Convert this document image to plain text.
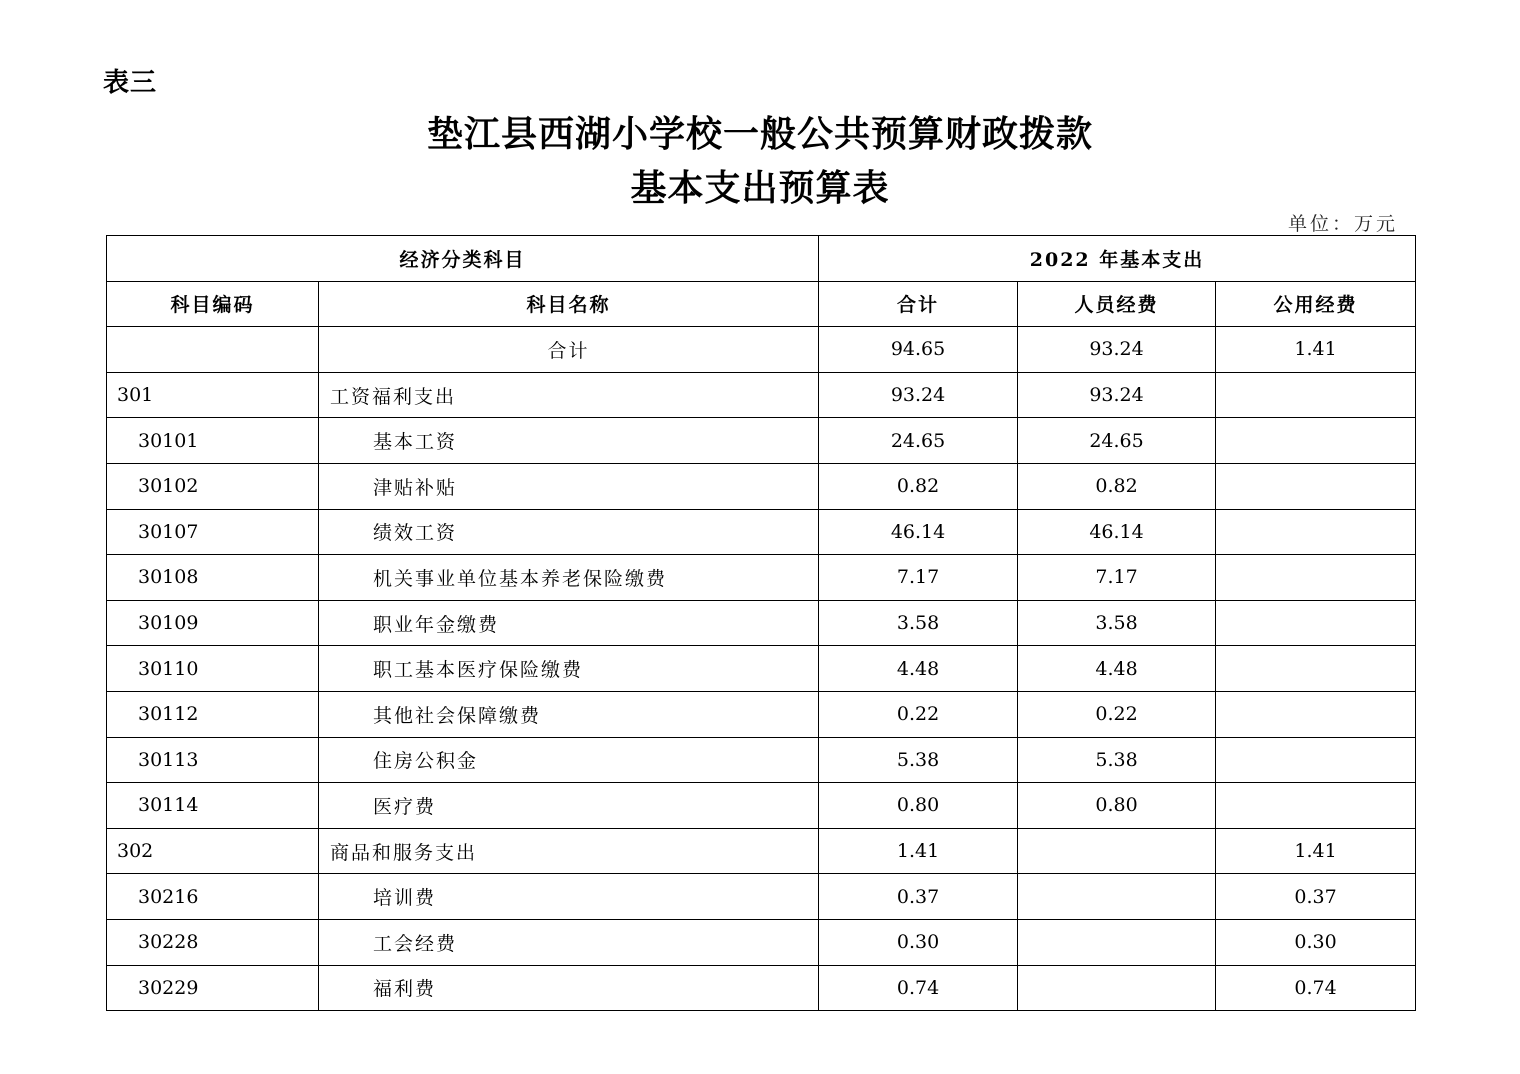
表三
垫江县西湖小学校一般公共预算财政拨款
基本支出预算表
单位：万元
经济分类科目		2022 年基本支出		
科目编码	科目名称	合计	人员经费	公用经费
	合计	94.65	93.24	1.41
301	工资福利支出	93.24	93.24	
30101	基本工资	24.65	24.65	
30102	津贴补贴	0.82	0.82	
30107	绩效工资	46.14	46.14	
30108	机关事业单位基本养老保险缴费	7.17	7.17	
30109	职业年金缴费	3.58	3.58	
30110	职工基本医疗保险缴费	4.48	4.48	
30112	其他社会保障缴费	0.22	0.22	
30113	住房公积金	5.38	5.38	
30114	医疗费	0.80	0.80	
302	商品和服务支出	1.41		1.41
30216	培训费	0.37		0.37
30228	工会经费	0.30		0.30
30229	福利费	0.74		0.74
